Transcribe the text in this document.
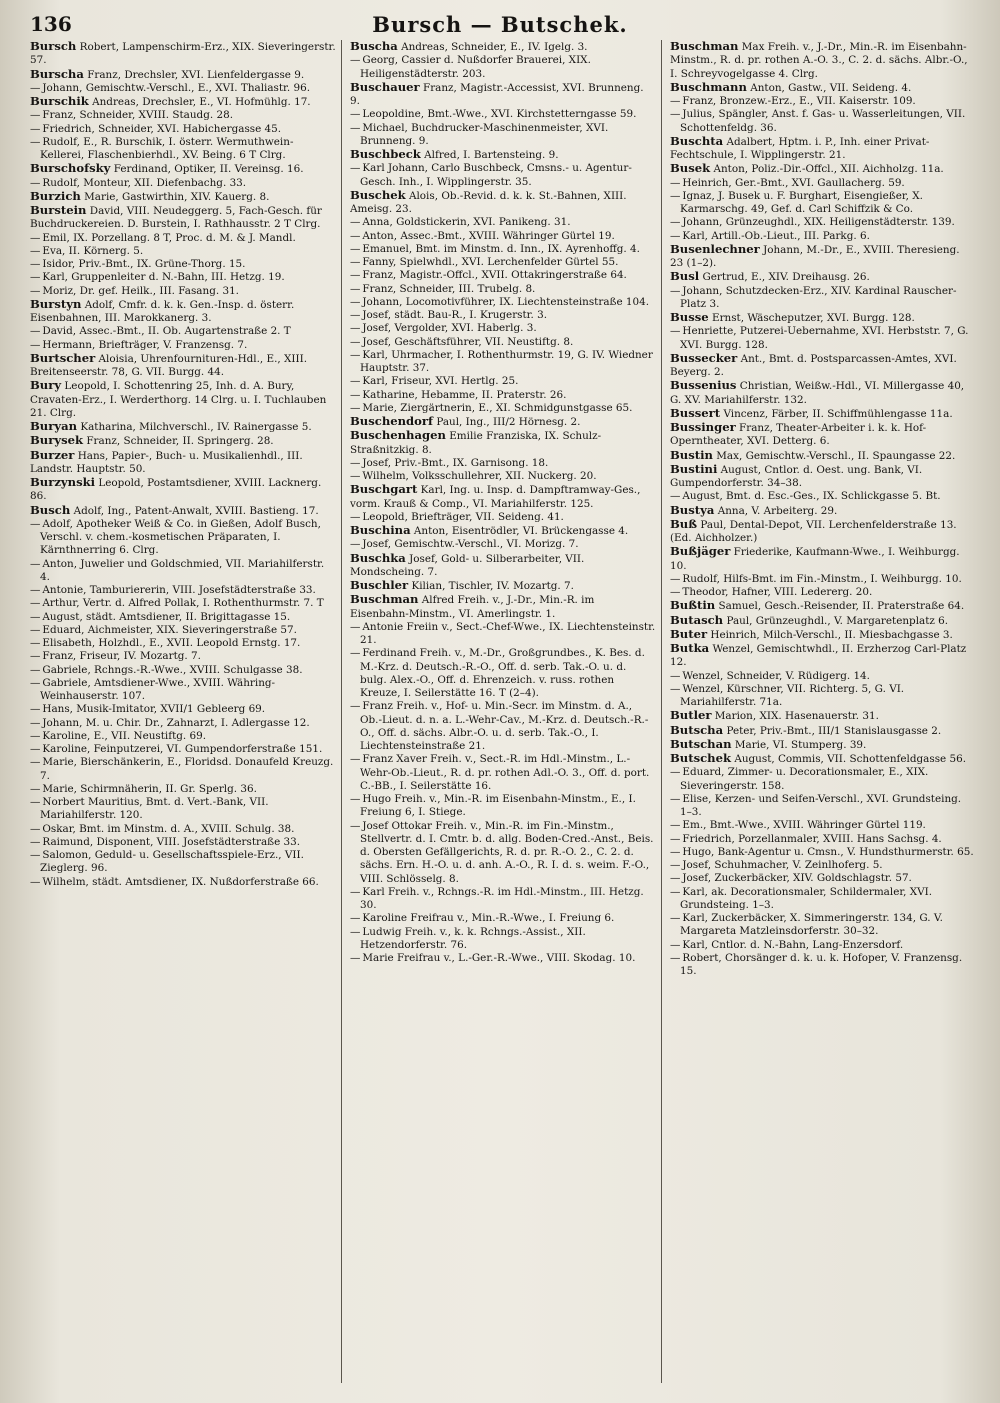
136	Bursch — Butschek.

Bursch Robert, Lampenschirm-Erz., XIX. Sieveringerstr. 57.

Burscha Franz, Drechsler, XVI. Lienfeldergasse 9.

— Johann, Gemischtw.-Verschl., E., XVI. Thaliastr. 96.

Burschik Andreas, Drechsler, E., VI. Hofmühlg. 17.

— Franz, Schneider, XVIII. Staudg. 28.

— Friedrich, Schneider, XVI. Habichergasse 45.

— Rudolf, E., R. Burschik, I. österr. Wermuthwein-Kellerei, Flaschenbierhdl., XV. Being. 6 T Clrg.

Burschofsky Ferdinand, Optiker, II. Vereinsg. 16.

— Rudolf, Monteur, XII. Diefenbachg. 33.

Burzich Marie, Gastwirthin, XIV. Kauerg. 8.

Burstein David, VIII. Neudeggerg. 5, Fach-Gesch. für Buchdruckereien. D. Burstein, I. Rathhausstr. 2 T Clrg.

— Emil, IX. Porzellang. 8 T, Proc. d. M. & J. Mandl.

— Eva, II. Körnerg. 5.

— Isidor, Priv.-Bmt., IX. Grüne-Thorg. 15.

— Karl, Gruppenleiter d. N.-Bahn, III. Hetzg. 19.

— Moriz, Dr. gef. Heilk., III. Fasang. 31.

Burstyn Adolf, Cmfr. d. k. k. Gen.-Insp. d. österr. Eisenbahnen, III. Marokkanerg. 3.

— David, Assec.-Bmt., II. Ob. Augartenstraße 2. T

— Hermann, Briefträger, V. Franzensg. 7.

Burtscher Aloisia, Uhrenfournituren-Hdl., E., XIII. Breitenseerstr. 78, G. VII. Burgg. 44.

Bury Leopold, I. Schottenring 25, Inh. d. A. Bury, Cravaten-Erz., I. Werderthorg. 14 Clrg. u. I. Tuchlauben 21. Clrg.

Buryan Katharina, Milchverschl., IV. Rainergasse 5.

Burysek Franz, Schneider, II. Springerg. 28.

Burzer Hans, Papier-, Buch- u. Musikalienhdl., III. Landstr. Hauptstr. 50.

Burzynski Leopold, Postamtsdiener, XVIII. Lacknerg. 86.

Busch Adolf, Ing., Patent-Anwalt, XVIII. Bastieng. 17.

— Adolf, Apotheker Weiß & Co. in Gießen, Adolf Busch, Verschl. v. chem.-kosmetischen Präparaten, I. Kärnthnerring 6. Clrg.

— Anton, Juwelier und Goldschmied, VII. Mariahilferstr. 4.

— Antonie, Tamburiererin, VIII. Josefstädterstraße 33.

— Arthur, Vertr. d. Alfred Pollak, I. Rothenthurmstr. 7. T

— August, städt. Amtsdiener, II. Brigittagasse 15.

— Eduard, Aichmeister, XIX. Sieveringerstraße 57.

— Elisabeth, Holzhdl., E., XVII. Leopold Ernstg. 17.

— Franz, Friseur, IV. Mozartg. 7.

— Gabriele, Rchngs.-R.-Wwe., XVIII. Schulgasse 38.

— Gabriele, Amtsdiener-Wwe., XVIII. Währing-Weinhauserstr. 107.

— Hans, Musik-Imitator, XVII/1 Gebleerg 69.

— Johann, M. u. Chir. Dr., Zahnarzt, I. Adlergasse 12.

— Karoline, E., VII. Neustiftg. 69.

— Karoline, Feinputzerei, VI. Gumpendorferstraße 151.

— Marie, Bierschänkerin, E., Floridsd. Donaufeld Kreuzg. 7.

— Marie, Schirmnäherin, II. Gr. Sperlg. 36.

— Norbert Mauritius, Bmt. d. Vert.-Bank, VII. Mariahilferstr. 120.

— Oskar, Bmt. im Minstm. d. A., XVIII. Schulg. 38.

— Raimund, Disponent, VIII. Josefstädterstraße 33.

— Salomon, Geduld- u. Gesellschaftsspiele-Erz., VII. Zieglerg. 96.

— Wilhelm, städt. Amtsdiener, IX. Nußdorferstraße 66.

Buscha Andreas, Schneider, E., IV. Igelg. 3.

— Georg, Cassier d. Nußdorfer Brauerei, XIX. Heiligenstädterstr. 203.

Buschauer Franz, Magistr.-Accessist, XVI. Brunneng. 9.

— Leopoldine, Bmt.-Wwe., XVI. Kirchstetterngasse 59.

— Michael, Buchdrucker-Maschinenmeister, XVI. Brunneng. 9.

Buschbeck Alfred, I. Bartensteing. 9.

— Karl Johann, Carlo Buschbeck, Cmsns.- u. Agentur-Gesch. Inh., I. Wipplingerstr. 35.

Buschek Alois, Ob.-Revid. d. k. k. St.-Bahnen, XIII. Ameisg. 23.

— Anna, Goldstickerin, XVI. Panikeng. 31.

— Anton, Assec.-Bmt., XVIII. Währinger Gürtel 19.

— Emanuel, Bmt. im Minstm. d. Inn., IX. Ayrenhoffg. 4.

— Fanny, Spielwhdl., XVI. Lerchenfelder Gürtel 55.

— Franz, Magistr.-Offcl., XVII. Ottakringerstraße 64.

— Franz, Schneider, III. Trubelg. 8.

— Johann, Locomotivführer, IX. Liechtensteinstraße 104.

— Josef, städt. Bau-R., I. Krugerstr. 3.

— Josef, Vergolder, XVI. Haberlg. 3.

— Josef, Geschäftsführer, VII. Neustiftg. 8.

— Karl, Uhrmacher, I. Rothenthurmstr. 19, G. IV. Wiedner Hauptstr. 37.

— Karl, Friseur, XVI. Hertlg. 25.

— Katharine, Hebamme, II. Praterstr. 26.

— Marie, Ziergärtnerin, E., XI. Schmidgunstgasse 65.

Buschendorf Paul, Ing., III/2 Hörnesg. 2.

Buschenhagen Emilie Franziska, IX. Schulz-Straßnitzkig. 8.

— Josef, Priv.-Bmt., IX. Garnisong. 18.

— Wilhelm, Volksschullehrer, XII. Nuckerg. 20.

Buschgart Karl, Ing. u. Insp. d. Dampftramway-Ges., vorm. Krauß & Comp., VI. Mariahilferstr. 125.

— Leopold, Briefträger, VII. Seideng. 41.

Buschina Anton, Eisentrödler, VI. Brückengasse 4.

— Josef, Gemischtw.-Verschl., VI. Morizg. 7.

Buschka Josef, Gold- u. Silberarbeiter, VII. Mondscheing. 7.

Buschler Kilian, Tischler, IV. Mozartg. 7.

Buschman Alfred Freih. v., J.-Dr., Min.-R. im Eisenbahn-Minstm., VI. Amerlingstr. 1.

— Antonie Freiin v., Sect.-Chef-Wwe., IX. Liechtensteinstr. 21.

— Ferdinand Freih. v., M.-Dr., Großgrundbes., K. Bes. d. M.-Krz. d. Deutsch.-R.-O., Off. d. serb. Tak.-O. u. d. bulg. Alex.-O., Off. d. Ehrenzeich. v. russ. rothen Kreuze, I. Seilerstätte 16. T (2–4).

— Franz Freih. v., Hof- u. Min.-Secr. im Minstm. d. A., Ob.-Lieut. d. n. a. L.-Wehr-Cav., M.-Krz. d. Deutsch.-R.-O., Off. d. sächs. Albr.-O. u. d. serb. Tak.-O., I. Liechtensteinstraße 21.

— Franz Xaver Freih. v., Sect.-R. im Hdl.-Minstm., L.-Wehr-Ob.-Lieut., R. d. pr. rothen Adl.-O. 3., Off. d. port. C.-BB., I. Seilerstätte 16.

— Hugo Freih. v., Min.-R. im Eisenbahn-Minstm., E., I. Freiung 6, I. Stiege.

— Josef Ottokar Freih. v., Min.-R. im Fin.-Minstm., Stellvertr. d. I. Cmtr. b. d. allg. Boden-Cred.-Anst., Beis. d. Obersten Gefällgerichts, R. d. pr. R.-O. 2., C. 2. d. sächs. Ern. H.-O. u. d. anh. A.-O., R. I. d. s. weim. F.-O., VIII. Schlösselg. 8.

— Karl Freih. v., Rchngs.-R. im Hdl.-Minstm., III. Hetzg. 30.

— Karoline Freifrau v., Min.-R.-Wwe., I. Freiung 6.

— Ludwig Freih. v., k. k. Rchngs.-Assist., XII. Hetzendorferstr. 76.

— Marie Freifrau v., L.-Ger.-R.-Wwe., VIII. Skodag. 10.

Buschman Max Freih. v., J.-Dr., Min.-R. im Eisenbahn-Minstm., R. d. pr. rothen A.-O. 3., C. 2. d. sächs. Albr.-O., I. Schreyvogelgasse 4. Clrg.

Buschmann Anton, Gastw., VII. Seideng. 4.

— Franz, Bronzew.-Erz., E., VII. Kaiserstr. 109.

— Julius, Spängler, Anst. f. Gas- u. Wasserleitungen, VII. Schottenfeldg. 36.

Buschta Adalbert, Hptm. i. P., Inh. einer Privat-Fechtschule, I. Wipplingerstr. 21.

Busek Anton, Poliz.-Dir.-Offcl., XII. Aichholzg. 11a.

— Heinrich, Ger.-Bmt., XVI. Gaullacherg. 59.

— Ignaz, J. Busek u. F. Burghart, Eisengießer, X. Karmarschg. 49, Gef. d. Carl Schiffzik & Co.

— Johann, Grünzeughdl., XIX. Heiligenstädterstr. 139.

— Karl, Artill.-Ob.-Lieut., III. Parkg. 6.

Busenlechner Johann, M.-Dr., E., XVIII. Theresieng. 23 (1–2).

Busl Gertrud, E., XIV. Dreihausg. 26.

— Johann, Schutzdecken-Erz., XIV. Kardinal Rauscher-Platz 3.

Busse Ernst, Wäscheputzer, XVI. Burgg. 128.

— Henriette, Putzerei-Uebernahme, XVI. Herbststr. 7, G. XVI. Burgg. 128.

Bussecker Ant., Bmt. d. Postsparcassen-Amtes, XVI. Beyerg. 2.

Bussenius Christian, Weißw.-Hdl., VI. Millergasse 40, G. XV. Mariahilferstr. 132.

Bussert Vincenz, Färber, II. Schiffmühlengasse 11a.

Bussinger Franz, Theater-Arbeiter i. k. k. Hof-Operntheater, XVI. Detterg. 6.

Bustin Max, Gemischtw.-Verschl., II. Spaungasse 22.

Bustini August, Cntlor. d. Oest. ung. Bank, VI. Gumpendorferstr. 34–38.

— August, Bmt. d. Esc.-Ges., IX. Schlickgasse 5. Bt.

Bustya Anna, V. Arbeiterg. 29.

Buß Paul, Dental-Depot, VII. Lerchenfelderstraße 13. (Ed. Aichholzer.)

Bußjäger Friederike, Kaufmann-Wwe., I. Weihburgg. 10.

— Rudolf, Hilfs-Bmt. im Fin.-Minstm., I. Weihburgg. 10.

— Theodor, Hafner, VIII. Ledererg. 20.

Bußtin Samuel, Gesch.-Reisender, II. Praterstraße 64.

Butasch Paul, Grünzeughdl., V. Margaretenplatz 6.

Buter Heinrich, Milch-Verschl., II. Miesbachgasse 3.

Butka Wenzel, Gemischtwhdl., II. Erzherzog Carl-Platz 12.

— Wenzel, Schneider, V. Rüdigerg. 14.

— Wenzel, Kürschner, VII. Richterg. 5, G. VI. Mariahilferstr. 71a.

Butler Marion, XIX. Hasenauerstr. 31.

Butscha Peter, Priv.-Bmt., III/1 Stanislausgasse 2.

Butschan Marie, VI. Stumperg. 39.

Butschek August, Commis, VII. Schottenfeldgasse 56.

— Eduard, Zimmer- u. Decorationsmaler, E., XIX. Sieveringerstr. 158.

— Elise, Kerzen- und Seifen-Verschl., XVI. Grundsteing. 1–3.

— Em., Bmt.-Wwe., XVIII. Währinger Gürtel 119.

— Friedrich, Porzellanmaler, XVIII. Hans Sachsg. 4.

— Hugo, Bank-Agentur u. Cmsn., V. Hundsthurmerstr. 65.

— Josef, Schuhmacher, V. Zeinlhoferg. 5.

— Josef, Zuckerbäcker, XIV. Goldschlagstr. 57.

— Karl, ak. Decorationsmaler, Schildermaler, XVI. Grundsteing. 1–3.

— Karl, Zuckerbäcker, X. Simmeringerstr. 134, G. V. Margareta Matzleinsdorferstr. 30–32.

— Karl, Cntlor. d. N.-Bahn, Lang-Enzersdorf.

— Robert, Chorsänger d. k. u. k. Hofoper, V. Franzensg. 15.
